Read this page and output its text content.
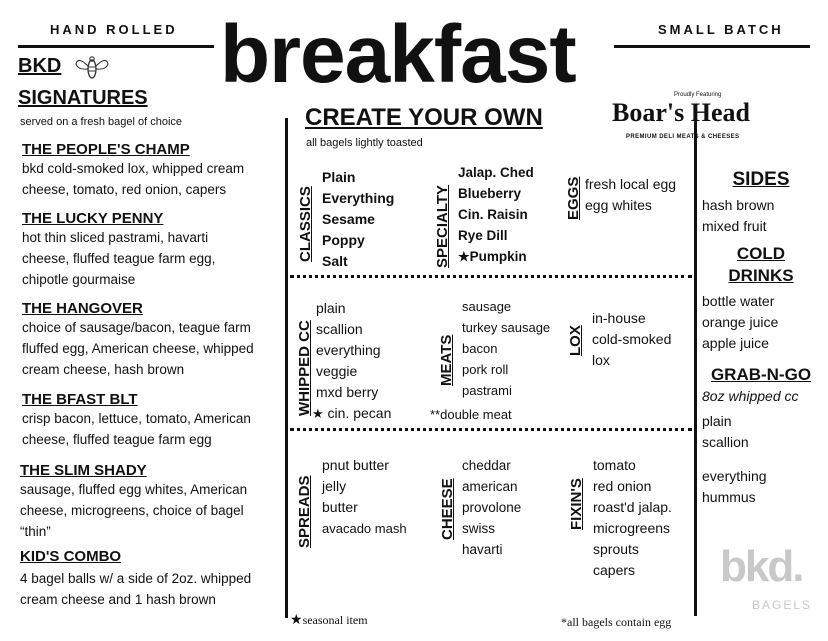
HAND ROLLED	SMALL BATCH
breakfast
BKD
SIGNATURES
served on a fresh bagel of choice

THE PEOPLE'S CHAMP

bkd cold-smoked lox, whipped cream

cheese, tomato, red onion, capers

THE LUCKY PENNY

hot thin sliced pastrami, havarti

cheese, fluffed teague farm egg,

chipotle gourmaise

THE HANGOVER

choice of sausage/bacon, teague farm

fluffed egg, American cheese, whipped

cream cheese, hash brown

THE BFAST BLT

crisp bacon, lettuce, tomato, American

cheese, fluffed teague farm egg

THE SLIM SHADY

sausage, fluffed egg whites, American

cheese, microgreens, choice of bagel

“thin”

KID'S COMBO

4 bagel balls w/ a side of 2oz. whipped

cream cheese and 1 hash brown

CREATE YOUR OWN
all bagels lightly toasted
Proudly Featuring
Boar's Head
PREMIUM DELI MEATS & CHEESES
CLASSICS
Plain
Everything
Sesame
Poppy
Salt	SPECIALTY
Jalap. Ched
Blueberry
Cin. Raisin
Rye Dill
★Pumpkin
EGGS fresh local egg
egg whites
WHIPPED CC
plain
scallion
everything
veggie
mxd berry
★ cin. pecan
MEATS
sausage
turkey sausage
bacon
pork roll
pastrami
**double meat
LOX
in-house
cold-smoked
lox
SPREADS
pnut butter
jelly
butter
avacado mash CHEESE
cheddar
american
provolone
swiss
havarti
FIXIN'S
tomato
red onion
roast'd jalap.
microgreens
sprouts
capers
★seasonal item	*all bagels contain egg
SIDES
hash brown
mixed fruit
COLD
DRINKS
bottle water
orange juice
apple juice
GRAB-N-GO
8oz whipped cc
plain
scallion
everything
hummus
bkd.
BAGELS
